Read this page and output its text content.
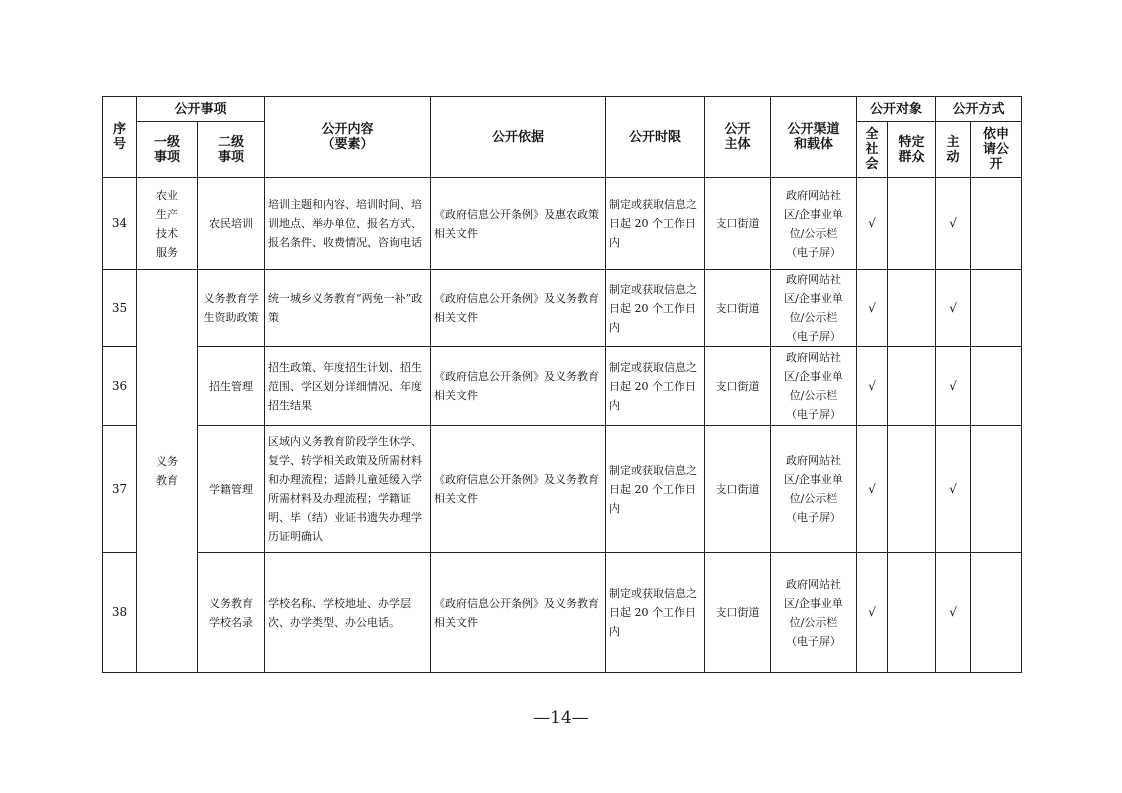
序号	公开事项		公开内容（要素）	公开依据	公开时限	公开主体	公开渠道和载体	公开对象		公开方式	

	一级事项	二级事项						全社会	特定群众	主动	依申请公开

34	农业生产技术服务	农民培训	培训主题和内容、培训时间、培训地点、举办单位、报名方式、报名条件、收费情况、咨询电话	《政府信息公开条例》及惠农政策相关文件	制定或获取信息之日起 20 个工作日内	支口街道	政府网站社区/企事业单位/公示栏（电子屏）	√		√	
35	义务教育	义务教育学生资助政策	统一城乡义务教育“两免一补”政策	《政府信息公开条例》及义务教育相关文件	制定或获取信息之日起 20 个工作日内	支口街道	政府网站社区/企事业单位/公示栏（电子屏）	√		√	
36		招生管理	招生政策、年度招生计划、招生范围、学区划分详细情况、年度招生结果	《政府信息公开条例》及义务教育相关文件	制定或获取信息之日起 20 个工作日内	支口街道	政府网站社区/企事业单位/公示栏（电子屏）	√		√	
37		学籍管理	区域内义务教育阶段学生休学、复学、转学相关政策及所需材料和办理流程；适龄儿童延缓入学所需材料及办理流程；学籍证明、毕（结）业证书遗失办理学历证明确认	《政府信息公开条例》及义务教育相关文件	制定或获取信息之日起 20 个工作日内	支口街道	政府网站社区/企事业单位/公示栏（电子屏）	√		√	
38		义务教育学校名录	学校名称、学校地址、办学层次、办学类型、办公电话。	《政府信息公开条例》及义务教育相关文件	制定或获取信息之日起 20 个工作日内	支口街道	政府网站社区/企事业单位/公示栏（电子屏）	√		√	
—14—
